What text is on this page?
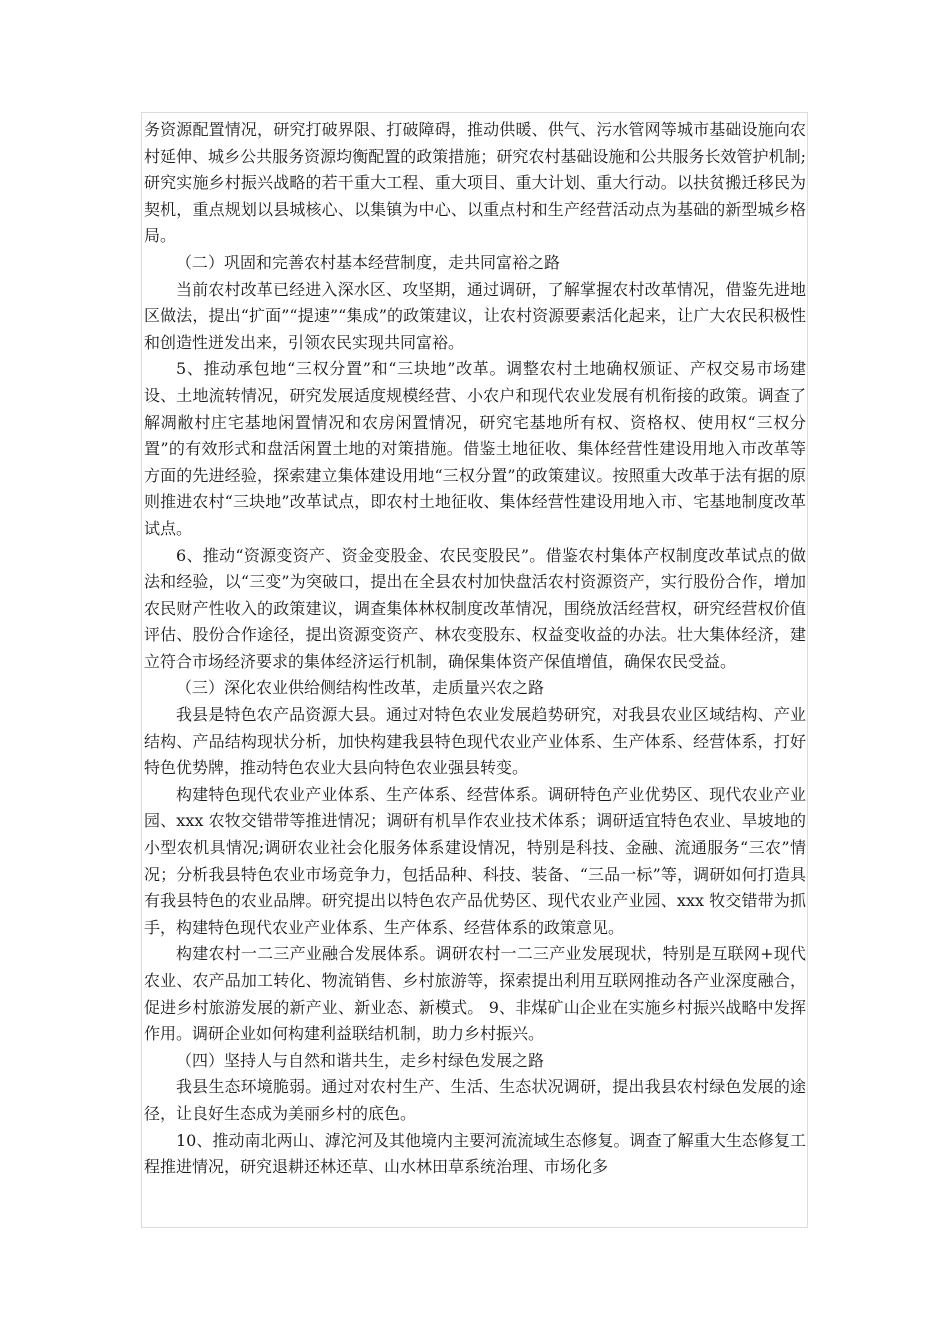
务资源配置情况，研究打破界限、打破障碍，推动供暖、供气、污水管网等城市基础设施向农村延伸、城乡公共服务资源均衡配置的政策措施；研究农村基础设施和公共服务长效管护机制;研究实施乡村振兴战略的若干重大工程、重大项目、重大计划、重大行动。以扶贫搬迁移民为契机，重点规划以县城核心、以集镇为中心、以重点村和生产经营活动点为基础的新型城乡格局。

（二）巩固和完善农村基本经营制度，走共同富裕之路

当前农村改革已经进入深水区、攻坚期，通过调研，了解掌握农村改革情况，借鉴先进地区做法，提出“扩面”“提速”“集成”的政策建议，让农村资源要素活化起来，让广大农民积极性和创造性迸发出来，引领农民实现共同富裕。

5、推动承包地“三权分置”和“三块地”改革。调整农村土地确权颁证、产权交易市场建设、土地流转情况，研究发展适度规模经营、小农户和现代农业发展有机衔接的政策。调查了解凋敝村庄宅基地闲置情况和农房闲置情况，研究宅基地所有权、资格权、使用权“三权分置”的有效形式和盘活闲置土地的对策措施。借鉴土地征收、集体经营性建设用地入市改革等方面的先进经验，探索建立集体建设用地“三权分置”的政策建议。按照重大改革于法有据的原则推进农村“三块地”改革试点，即农村土地征收、集体经营性建设用地入市、宅基地制度改革试点。

6、推动“资源变资产、资金变股金、农民变股民”。借鉴农村集体产权制度改革试点的做法和经验，以“三变”为突破口，提出在全县农村加快盘活农村资源资产，实行股份合作，增加农民财产性收入的政策建议，调查集体林权制度改革情况，围绕放活经营权，研究经营权价值评估、股份合作途径，提出资源变资产、林农变股东、权益变收益的办法。壮大集体经济，建立符合市场经济要求的集体经济运行机制，确保集体资产保值增值，确保农民受益。

（三）深化农业供给侧结构性改革，走质量兴农之路

我县是特色农产品资源大县。通过对特色农业发展趋势研究，对我县农业区域结构、产业结构、产品结构现状分析，加快构建我县特色现代农业产业体系、生产体系、经营体系，打好特色优势牌，推动特色农业大县向特色农业强县转变。

构建特色现代农业产业体系、生产体系、经营体系。调研特色产业优势区、现代农业产业园、xxx 农牧交错带等推进情况；调研有机旱作农业技术体系；调研适宜特色农业、旱坡地的小型农机具情况;调研农业社会化服务体系建设情况，特别是科技、金融、流通服务“三农”情况；分析我县特色农业市场竞争力，包括品种、科技、装备、“三品一标”等，调研如何打造具有我县特色的农业品牌。研究提出以特色农产品优势区、现代农业产业园、xxx 牧交错带为抓手，构建特色现代农业产业体系、生产体系、经营体系的政策意见。

构建农村一二三产业融合发展体系。调研农村一二三产业发展现状，特别是互联网+现代农业、农产品加工转化、物流销售、乡村旅游等，探索提出利用互联网推动各产业深度融合，促进乡村旅游发展的新产业、新业态、新模式。 9、非煤矿山企业在实施乡村振兴战略中发挥作用。调研企业如何构建利益联结机制，助力乡村振兴。

（四）坚持人与自然和谐共生，走乡村绿色发展之路

我县生态环境脆弱。通过对农村生产、生活、生态状况调研，提出我县农村绿色发展的途径，让良好生态成为美丽乡村的底色。

10、推动南北两山、滹沱河及其他境内主要河流流域生态修复。调查了解重大生态修复工程推进情况，研究退耕还林还草、山水林田草系统治理、市场化多
